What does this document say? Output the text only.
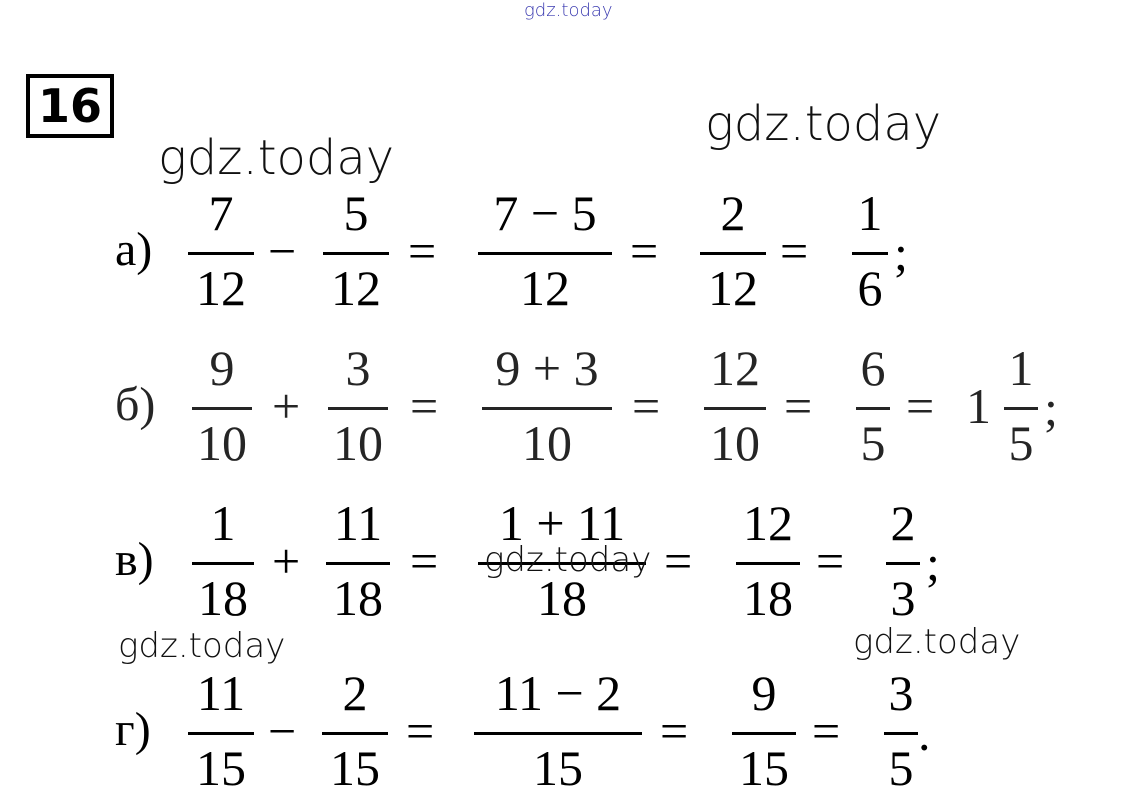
gdz.today
16	gdz.today
gdz.today
а)
7
12
−
5
12
=
7 − 5
12
=
2
12
=
1
6
;
б)
9
10
+
3
10
=
9 + 3
10
=
12
10
=
6
5
= 1
1
5
;
в)
1
18
+
11
18
=
1 + 11
18
=
12
18
=
2
3
;
gdz.today
gdz.today	gdz.today
г)
11
15
−
2
15
=
11 − 2
15
=
9
15
=
3
5
.
